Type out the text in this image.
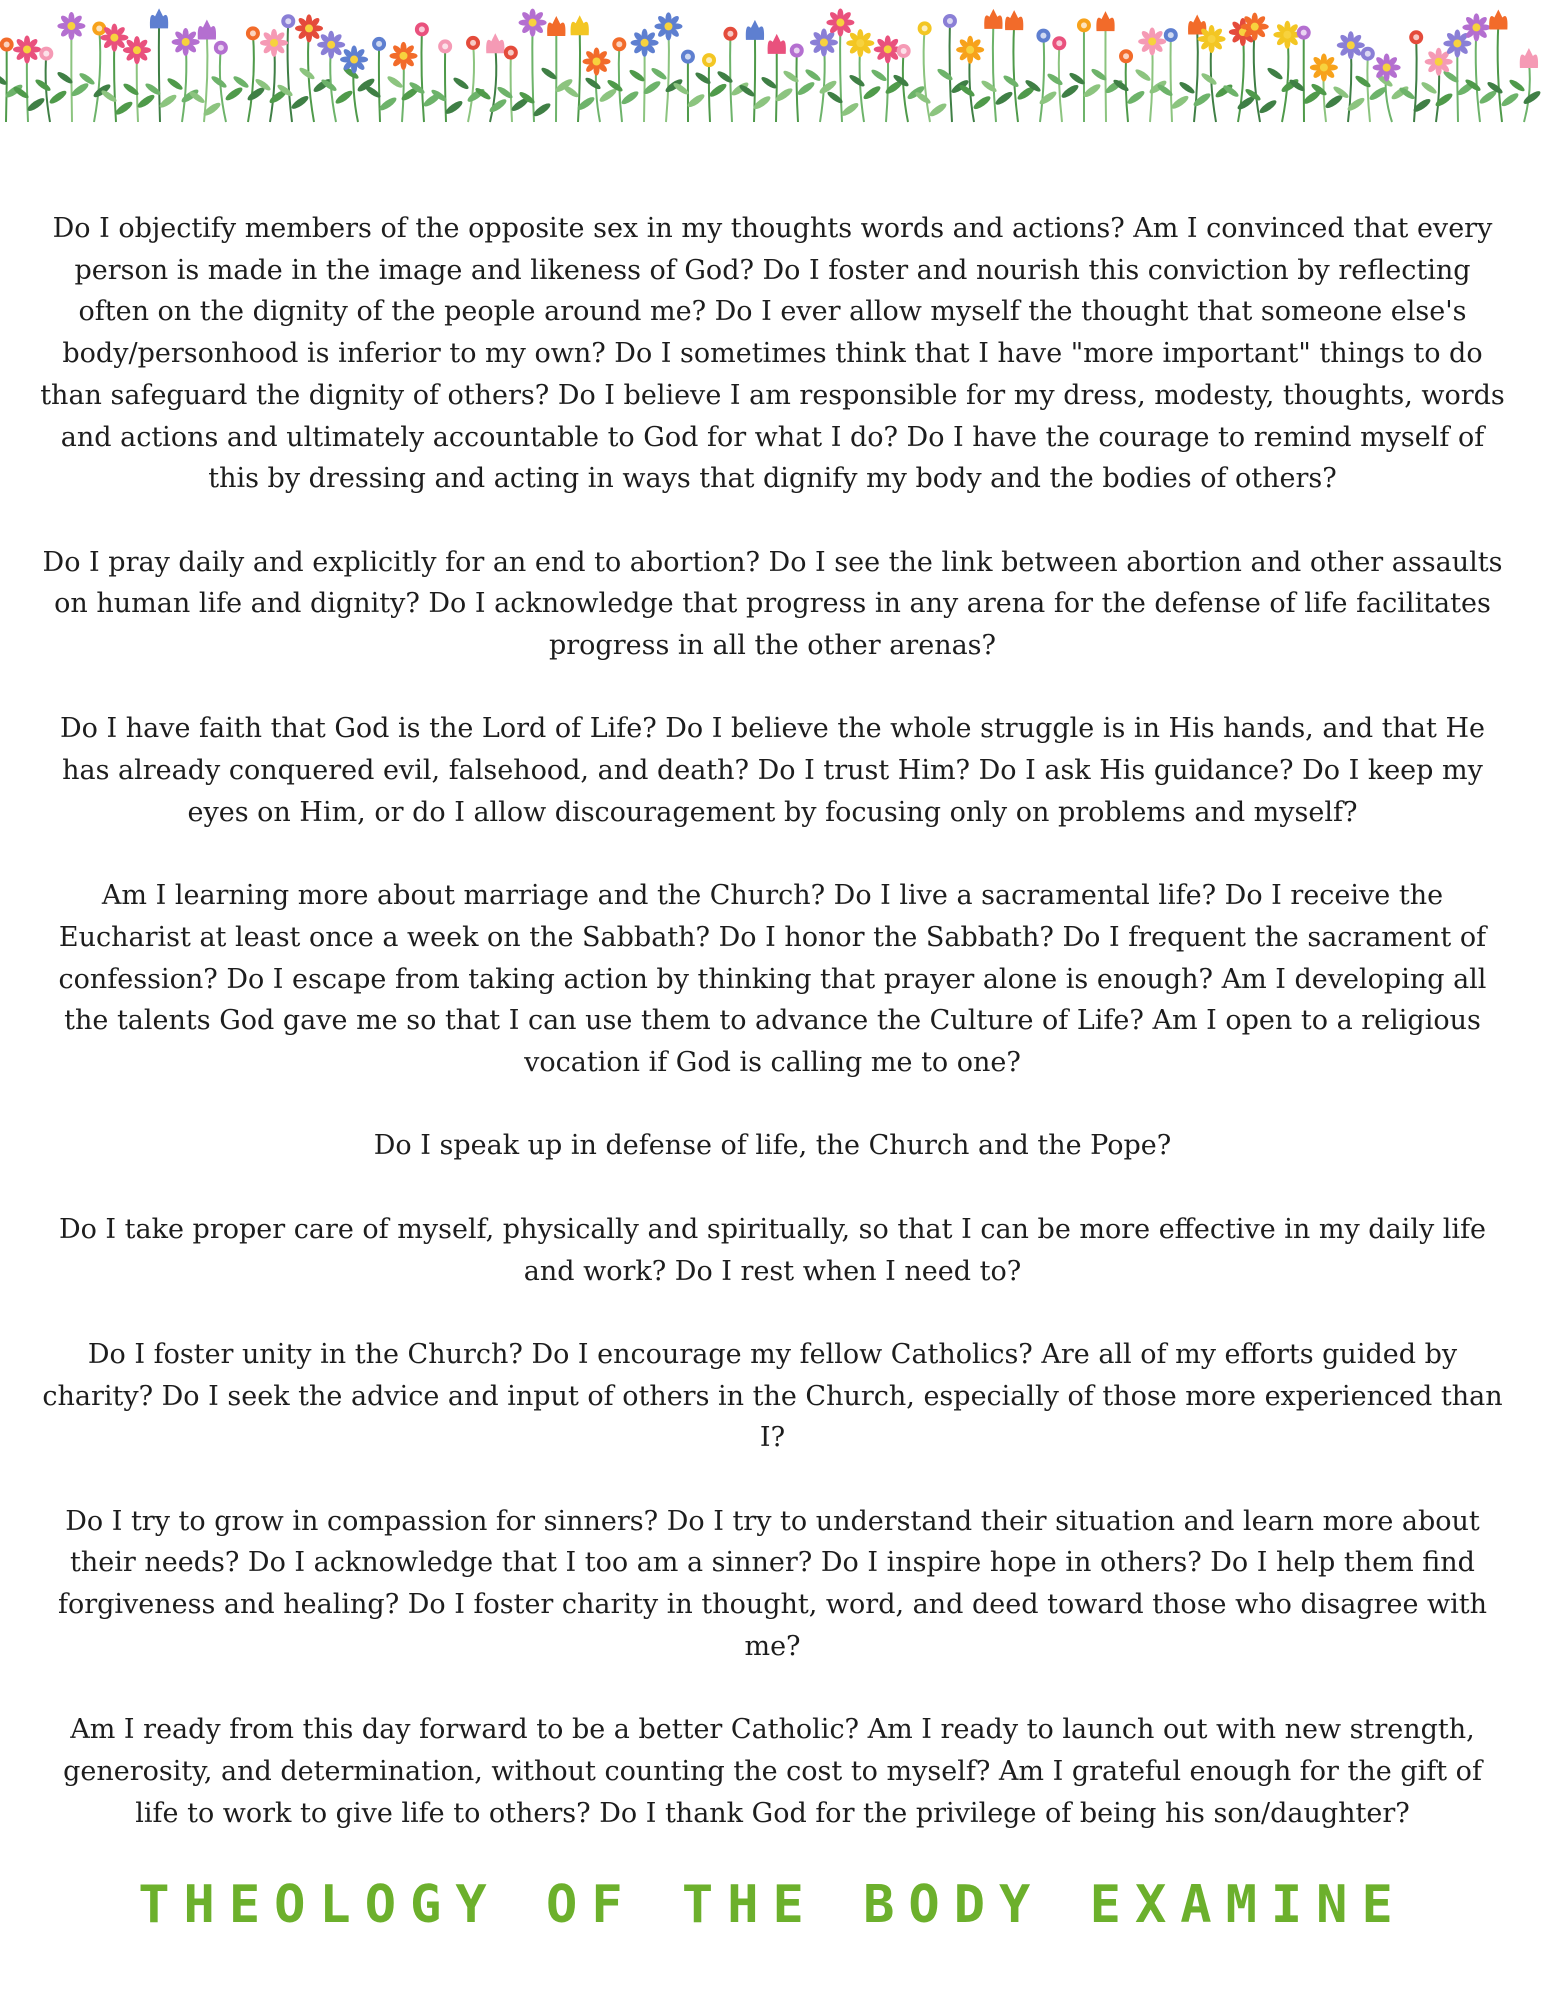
Do I objectify members of the opposite sex in my thoughts words and actions? Am I convinced that every person is made in the image and likeness of God? Do I foster and nourish this conviction by reflecting often on the dignity of the people around me? Do I ever allow myself the thought that someone else's body/personhood is inferior to my own? Do I sometimes think that I have "more important" things to do than safeguard the dignity of others? Do I believe I am responsible for my dress, modesty, thoughts, words and actions and ultimately accountable to God for what I do? Do I have the courage to remind myself of this by dressing and acting in ways that dignify my body and the bodies of others?

Do I pray daily and explicitly for an end to abortion? Do I see the link between abortion and other assaults on human life and dignity? Do I acknowledge that progress in any arena for the defense of life facilitates progress in all the other arenas?

Do I have faith that God is the Lord of Life? Do I believe the whole struggle is in His hands, and that He has already conquered evil, falsehood, and death? Do I trust Him? Do I ask His guidance? Do I keep my eyes on Him, or do I allow discouragement by focusing only on problems and myself?

Am I learning more about marriage and the Church? Do I live a sacramental life? Do I receive the Eucharist at least once a week on the Sabbath? Do I honor the Sabbath? Do I frequent the sacrament of confession? Do I escape from taking action by thinking that prayer alone is enough? Am I developing all the talents God gave me so that I can use them to advance the Culture of Life? Am I open to a religious vocation if God is calling me to one?

Do I speak up in defense of life, the Church and the Pope?

Do I take proper care of myself, physically and spiritually, so that I can be more effective in my daily life and work? Do I rest when I need to?

Do I foster unity in the Church? Do I encourage my fellow Catholics? Are all of my efforts guided by charity? Do I seek the advice and input of others in the Church, especially of those more experienced than I?

Do I try to grow in compassion for sinners? Do I try to understand their situation and learn more about their needs? Do I acknowledge that I too am a sinner? Do I inspire hope in others? Do I help them find forgiveness and healing? Do I foster charity in thought, word, and deed toward those who disagree with me?

Am I ready from this day forward to be a better Catholic? Am I ready to launch out with new strength, generosity, and determination, without counting the cost to myself? Am I grateful enough for the gift of life to work to give life to others? Do I thank God for the privilege of being his son/daughter?

THEOLOGY OF THE BODY EXAMINE
